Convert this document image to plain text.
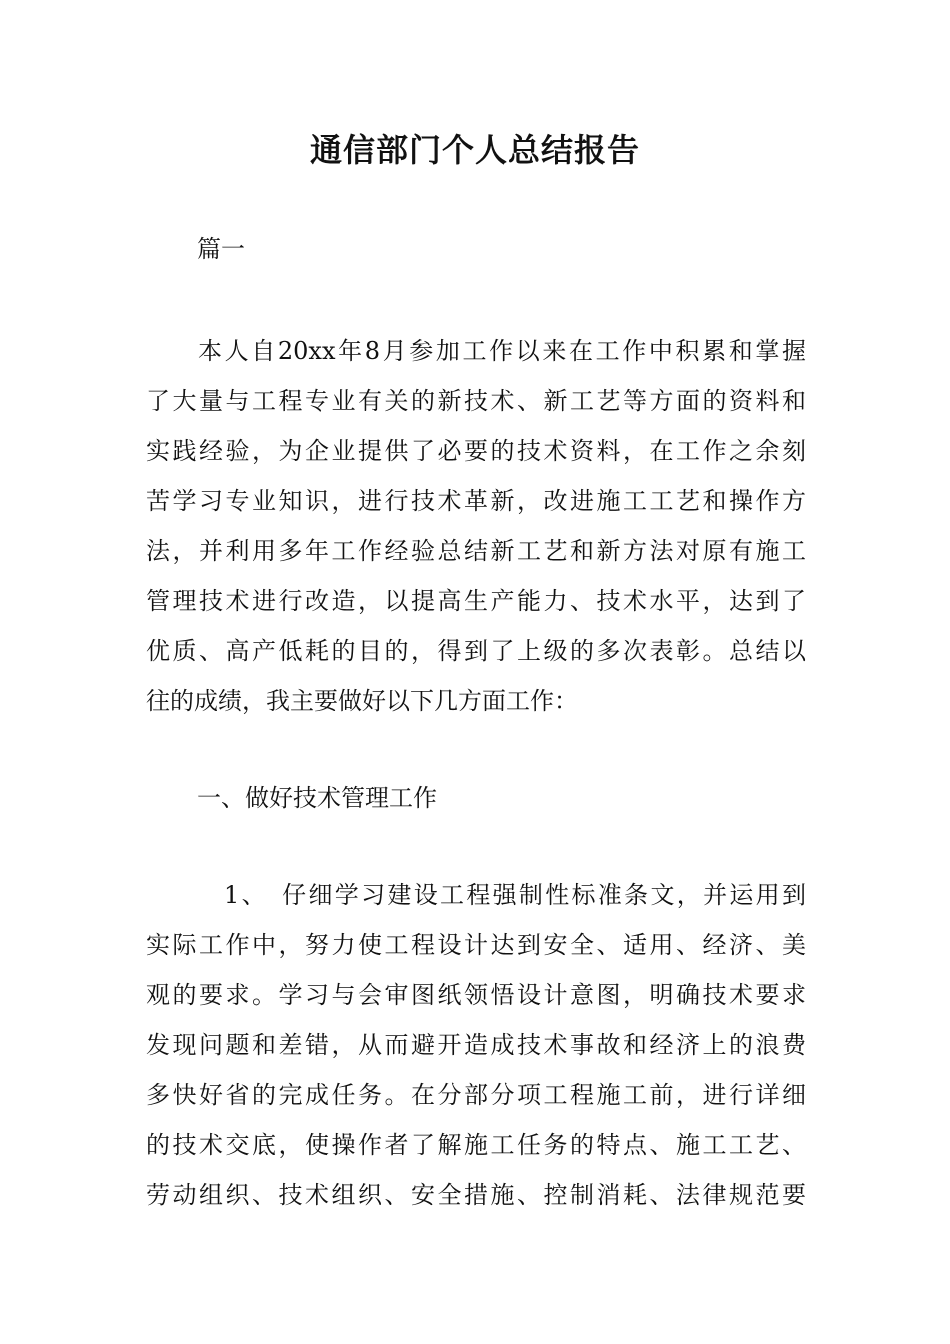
通信部门个人总结报告
篇一
本人自20xx年8月参加工作以来在工作中积累和掌握
了大量与工程专业有关的新技术、新工艺等方面的资料和
实践经验，为企业提供了必要的技术资料，在工作之余刻
苦学习专业知识，进行技术革新，改进施工工艺和操作方
法，并利用多年工作经验总结新工艺和新方法对原有施工
管理技术进行改造，以提高生产能力、技术水平，达到了
优质、高产低耗的目的，得到了上级的多次表彰。总结以
往的成绩，我主要做好以下几方面工作：
一、做好技术管理工作
1、　仔细学习建设工程强制性标准条文，并运用到
实际工作中，努力使工程设计达到安全、适用、经济、美
观的要求。学习与会审图纸领悟设计意图，明确技术要求
发现问题和差错，从而避开造成技术事故和经济上的浪费
多快好省的完成任务。在分部分项工程施工前，进行详细
的技术交底，使操作者了解施工任务的特点、施工工艺、
劳动组织、技术组织、安全措施、控制消耗、法律规范要
